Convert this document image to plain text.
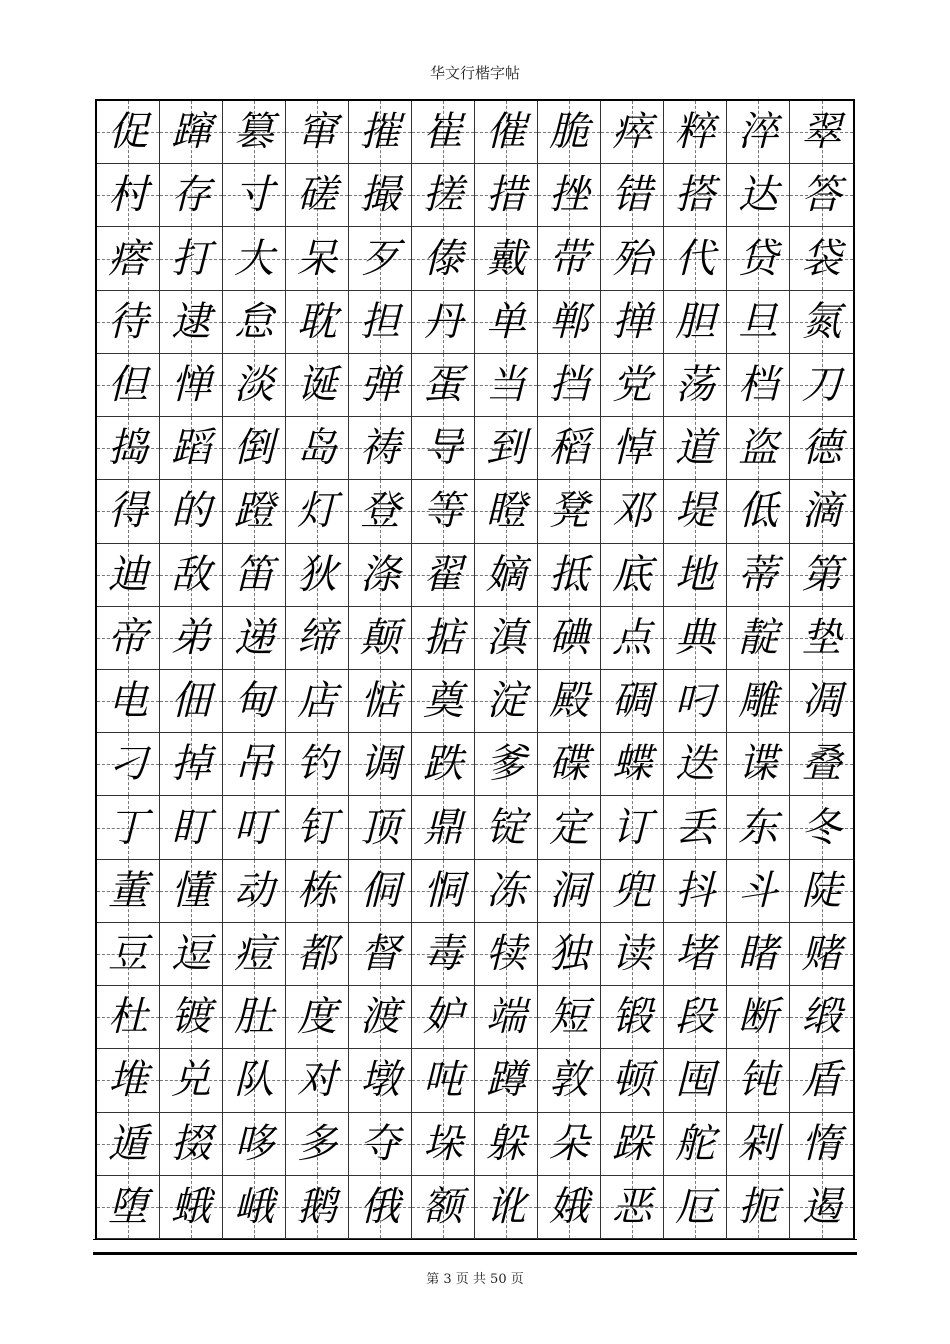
华文行楷字帖
促 蹿 篡 窜 摧 崔 催 脆 瘁 粹 淬 翠
村 存 寸 磋 撮 搓 措 挫 错 搭 达 答
瘩 打 大 呆 歹 傣 戴 带 殆 代 贷 袋
待 逮 怠 耽 担 丹 单 郸 掸 胆 旦 氮
但 惮 淡 诞 弹 蛋 当 挡 党 荡 档 刀
捣 蹈 倒 岛 祷 导 到 稻 悼 道 盗 德
得 的 蹬 灯 登 等 瞪 凳 邓 堤 低 滴
迪 敌 笛 狄 涤 翟 嫡 抵 底 地 蒂 第
帝 弟 递 缔 颠 掂 滇 碘 点 典 靛 垫
电 佃 甸 店 惦 奠 淀 殿 碉 叼 雕 凋
刁 掉 吊 钓 调 跌 爹 碟 蝶 迭 谍 叠
丁 盯 叮 钉 顶 鼎 锭 定 订 丢 东 冬
董 懂 动 栋 侗 恫 冻 洞 兜 抖 斗 陡
豆 逗 痘 都 督 毒 犊 独 读 堵 睹 赌
杜 镀 肚 度 渡 妒 端 短 锻 段 断 缎
堆 兑 队 对 墩 吨 蹲 敦 顿 囤 钝 盾
遁 掇 哆 多 夺 垛 躲 朵 跺 舵 剁 惰
堕 蛾 峨 鹅 俄 额 讹 娥 恶 厄 扼 遏
第 3 页 共 50 页
